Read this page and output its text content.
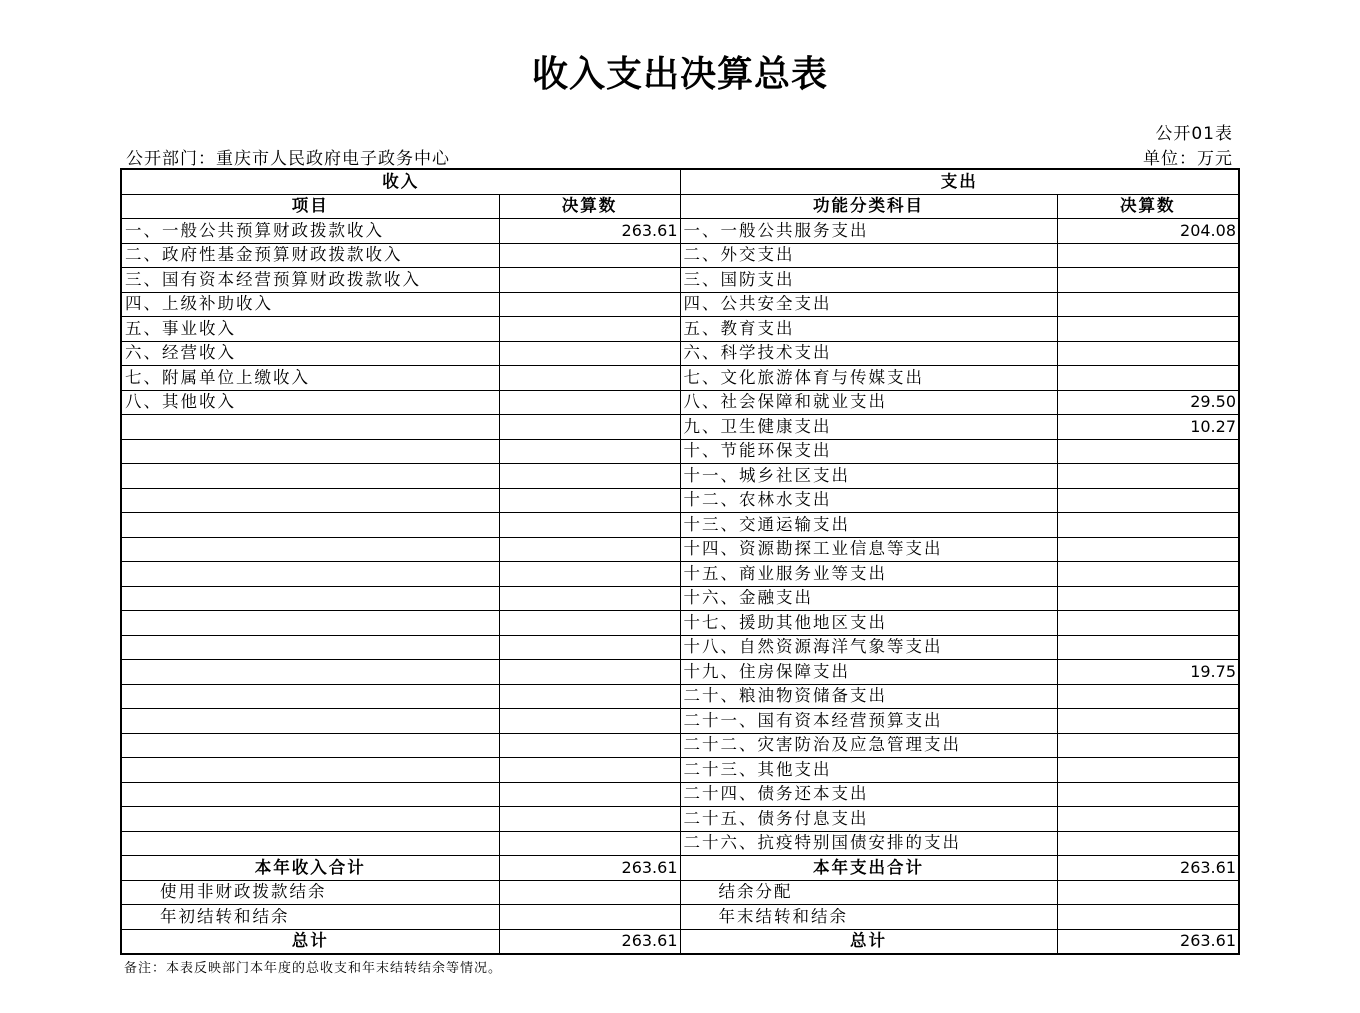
收入支出决算总表
公开01表
公开部门：重庆市人民政府电子政务中心	单位：万元
收入		支出	
项目	决算数	功能分类科目	决算数
一、一般公共预算财政拨款收入	263.61	一、一般公共服务支出	204.08
二、政府性基金预算财政拨款收入		二、外交支出	
三、国有资本经营预算财政拨款收入		三、国防支出	
四、上级补助收入		四、公共安全支出	
五、事业收入		五、教育支出	
六、经营收入		六、科学技术支出	
七、附属单位上缴收入		七、文化旅游体育与传媒支出	
八、其他收入		八、社会保障和就业支出	29.50
		九、卫生健康支出	10.27
		十、节能环保支出	
		十一、城乡社区支出	
		十二、农林水支出	
		十三、交通运输支出	
		十四、资源勘探工业信息等支出	
		十五、商业服务业等支出	
		十六、金融支出	
		十七、援助其他地区支出	
		十八、自然资源海洋气象等支出	
		十九、住房保障支出	19.75
		二十、粮油物资储备支出	
		二十一、国有资本经营预算支出	
		二十二、灾害防治及应急管理支出	
		二十三、其他支出	
		二十四、债务还本支出	
		二十五、债务付息支出	
		二十六、抗疫特别国债安排的支出	
本年收入合计	263.61	本年支出合计	263.61
使用非财政拨款结余		结余分配	
年初结转和结余		年末结转和结余	
总计	263.61	总计	263.61
备注：本表反映部门本年度的总收支和年末结转结余等情况。
